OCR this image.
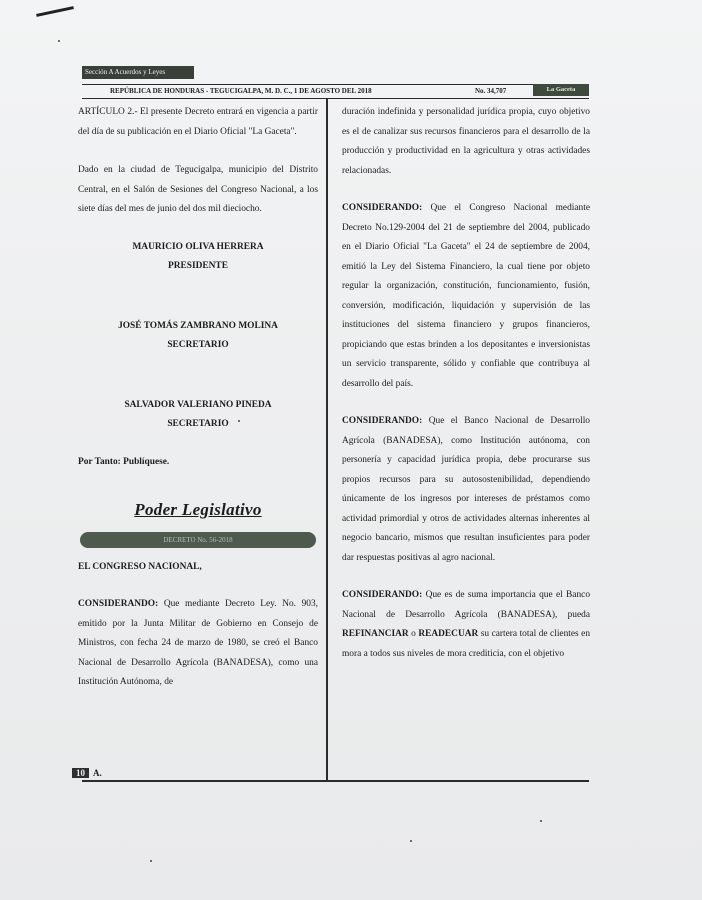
Sección A Acuerdos y Leyes
REPÚBLICA DE HONDURAS - TEGUCIGALPA, M. D. C., 1 DE AGOSTO DEL 2018	No. 34,707	La Gaceta

ARTÍCULO 2.- El presente Decreto entrará en vigencia a partir del día de su publicación en el Diario Oficial "La Gaceta".

Dado en la ciudad de Tegucigalpa, municipio del Distrito Central, en el Salón de Sesiones del Congreso Nacional, a los siete días del mes de junio del dos mil dieciocho.

MAURICIO OLIVA HERRERA

PRESIDENTE

JOSÉ TOMÁS ZAMBRANO MOLINA

SECRETARIO

SALVADOR VALERIANO PINEDA

SECRETARIO

Por Tanto: Publíquese.

Poder Legislativo

DECRETO No. 56-2018

EL CONGRESO NACIONAL,

CONSIDERANDO: Que mediante Decreto Ley. No. 903, emitido por la Junta Militar de Gobierno en Consejo de Ministros, con fecha 24 de marzo de 1980, se creó el Banco Nacional de Desarrollo Agrícola (BANADESA), como una Institución Autónoma, de

duración indefinida y personalidad jurídica propia, cuyo objetivo es el de canalizar sus recursos financieros para el desarrollo de la producción y productividad en la agricultura y otras actividades relacionadas.

CONSIDERANDO: Que el Congreso Nacional mediante Decreto No.129-2004 del 21 de septiembre del 2004, publicado en el Diario Oficial "La Gaceta" el 24 de septiembre de 2004, emitió la Ley del Sistema Financiero, la cual tiene por objeto regular la organización, constitución, funcionamiento, fusión, conversión, modificación, liquidación y supervisión de las instituciones del sistema financiero y grupos financieros, propiciando que estas brinden a los depositantes e inversionistas un servicio transparente, sólido y confiable que contribuya al desarrollo del país.

CONSIDERANDO: Que el Banco Nacional de Desarrollo Agrícola (BANADESA), como Institución autónoma, con personería y capacidad jurídica propia, debe procurarse sus propios recursos para su autosostenibilidad, dependiendo únicamente de los ingresos por intereses de préstamos como actividad primordial y otros de actividades alternas inherentes al negocio bancario, mismos que resultan insuficientes para poder dar respuestas positivas al agro nacional.

CONSIDERANDO: Que es de suma importancia que el Banco Nacional de Desarrollo Agrícola (BANADESA), pueda REFINANCIAR o READECUAR su cartera total de clientes en mora a todos sus niveles de mora crediticia, con el objetivo

10 A.
